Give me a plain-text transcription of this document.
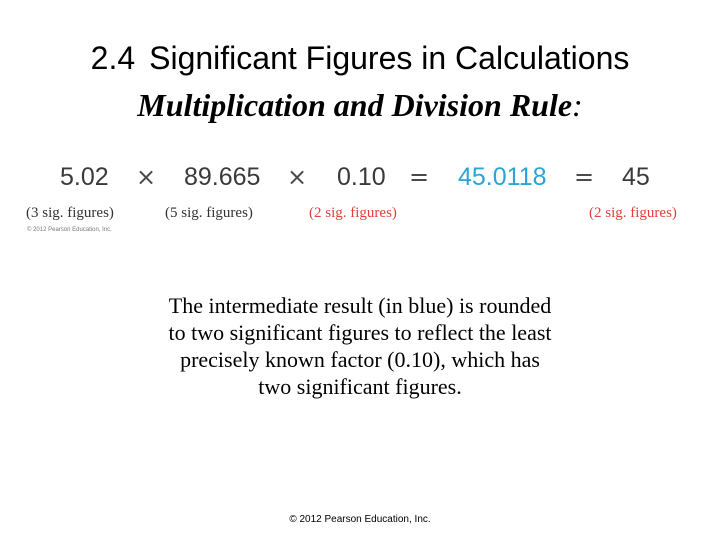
2.4 Significant Figures in Calculations
Multiplication and Division Rule:
5.02 × 89.665 × 0.10 = 45.0118 = 45
(3 sig. figures)	(5 sig. figures)	(2 sig. figures)	(2 sig. figures)
© 2012 Pearson Education, Inc.
The intermediate result (in blue) is rounded
to two significant figures to reflect the least
precisely known factor (0.10), which has
two significant figures.
© 2012 Pearson Education, Inc.
